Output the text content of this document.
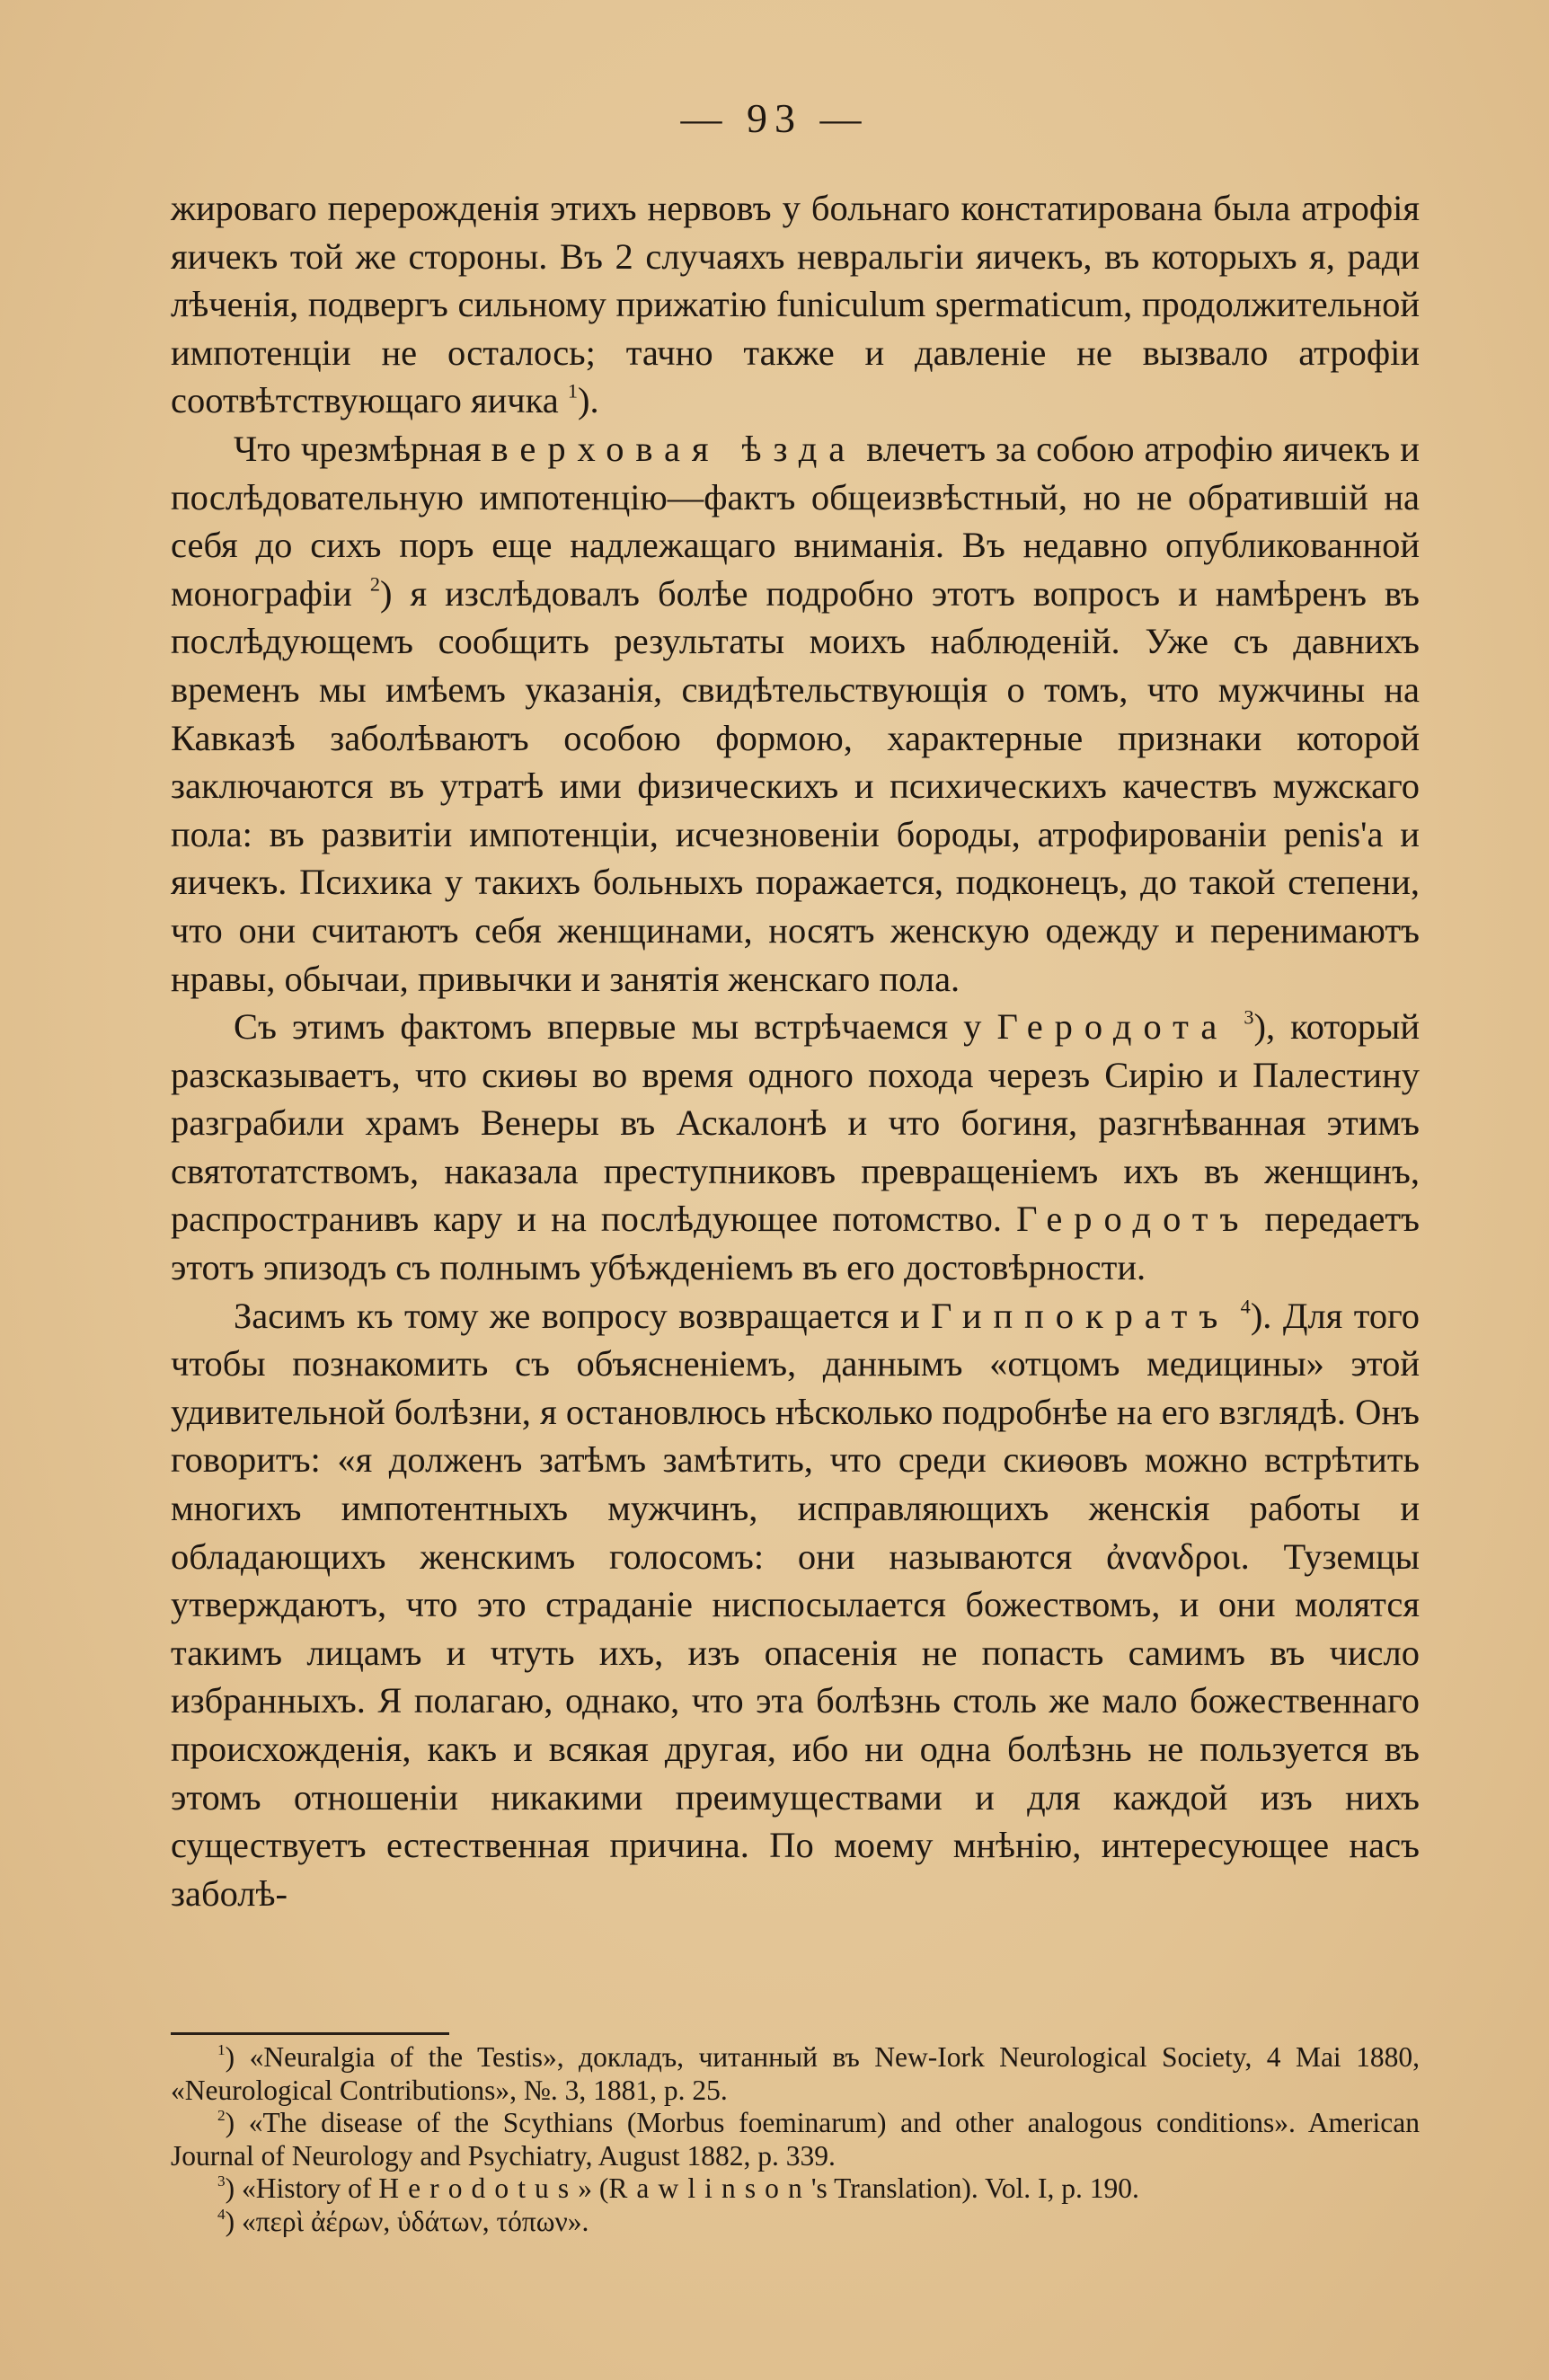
— 93 —

жироваго перерожденія этихъ нервовъ у больнаго констатирована была атрофія яичекъ той же стороны. Въ 2 случаяхъ невральгіи яичекъ, въ которыхъ я, ради лѣченія, подвергъ сильному прижатію funiculum spermaticum, продолжительной импотенціи не осталось; тачно также и давленіе не вызвало атрофіи соотвѣтствующаго яичка $^1$).

Что чрезмѣрная верховая ѣзда влечетъ за собою атрофію яичекъ и послѣдовательную импотенцію—фактъ общеизвѣстный, но не обратившій на себя до сихъ поръ еще надлежащаго вниманія. Въ недавно опубликованной монографіи $^2$) я изслѣдовалъ болѣе подробно этотъ вопросъ и намѣренъ въ послѣдующемъ сообщить результаты моихъ наблюденій. Уже съ давнихъ временъ мы имѣемъ указанія, свидѣтельствующія о томъ, что мужчины на Кавказѣ заболѣваютъ особою формою, характерные признаки которой заключаются въ утратѣ ими физическихъ и психическихъ качествъ мужскаго пола: въ развитіи импотенціи, исчезновеніи бороды, атрофированіи penis'а и яичекъ. Психика у такихъ больныхъ поражается, подконецъ, до такой степени, что они считаютъ себя женщинами, носятъ женскую одежду и перенимаютъ нравы, обычаи, привычки и занятія женскаго пола.

Съ этимъ фактомъ впервые мы встрѣчаемся у Геродота $^3$), который разсказываетъ, что скиѳы во время одного похода черезъ Сирію и Палестину разграбили храмъ Венеры въ Аскалонѣ и что богиня, разгнѣванная этимъ святотатствомъ, наказала преступниковъ превращеніемъ ихъ въ женщинъ, распространивъ кару и на послѣдующее потомство. Геродотъ передаетъ этотъ эпизодъ съ полнымъ убѣжденіемъ въ его достовѣрности.

Засимъ къ тому же вопросу возвращается и Гиппократъ $^4$). Для того чтобы познакомить съ объясненіемъ, даннымъ «отцомъ медицины» этой удивительной болѣзни, я остановлюсь нѣсколько подробнѣе на его взглядѣ. Онъ говоритъ: «я долженъ затѣмъ замѣтить, что среди скиѳовъ можно встрѣтить многихъ импотентныхъ мужчинъ, исправляющихъ женскія работы и обладающихъ женскимъ голосомъ: они называются ἀνανδροι. Туземцы утверждаютъ, что это страданіе ниспосылается божествомъ, и они молятся такимъ лицамъ и чтуть ихъ, изъ опасенія не попасть самимъ въ число избранныхъ. Я полагаю, однако, что эта болѣзнь столь же мало божественнаго происхожденія, какъ и всякая другая, ибо ни одна болѣзнь не пользуется въ этомъ отношеніи никакими преимуществами и для каждой изъ нихъ существуетъ естественная причина. По моему мнѣнію, интересующее насъ заболѣ-

$^1$) «Neuralgia of the Testis», докладъ, читанный въ New-Iork Neurological Society, 4 Mai 1880, «Neurological Contributions», №. 3, 1881, p. 25.

$^2$) «The disease of the Scythians (Morbus foeminarum) and other analogous conditions». American Journal of Neurology and Psychiatry, August 1882, p. 339.

$^3$) «History of Herodotus» (Rawlinson's Translation). Vol. I, p. 190.

$^4$) «περὶ ἀέρων, ὑδάτων, τόπων».
